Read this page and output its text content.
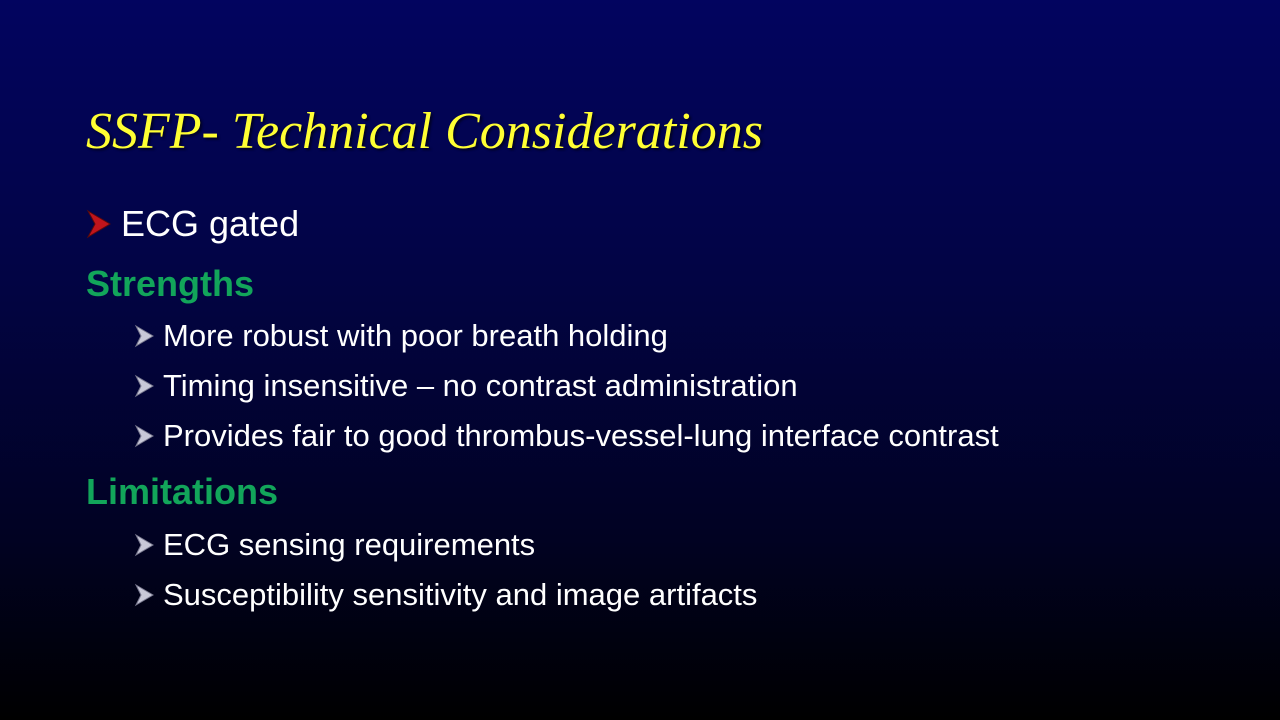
SSFP- Technical Considerations
ECG gated
Strengths
More robust with poor breath holding
Timing insensitive – no contrast administration
Provides fair to good thrombus-vessel-lung interface contrast
Limitations
ECG sensing requirements
Susceptibility sensitivity and image artifacts
